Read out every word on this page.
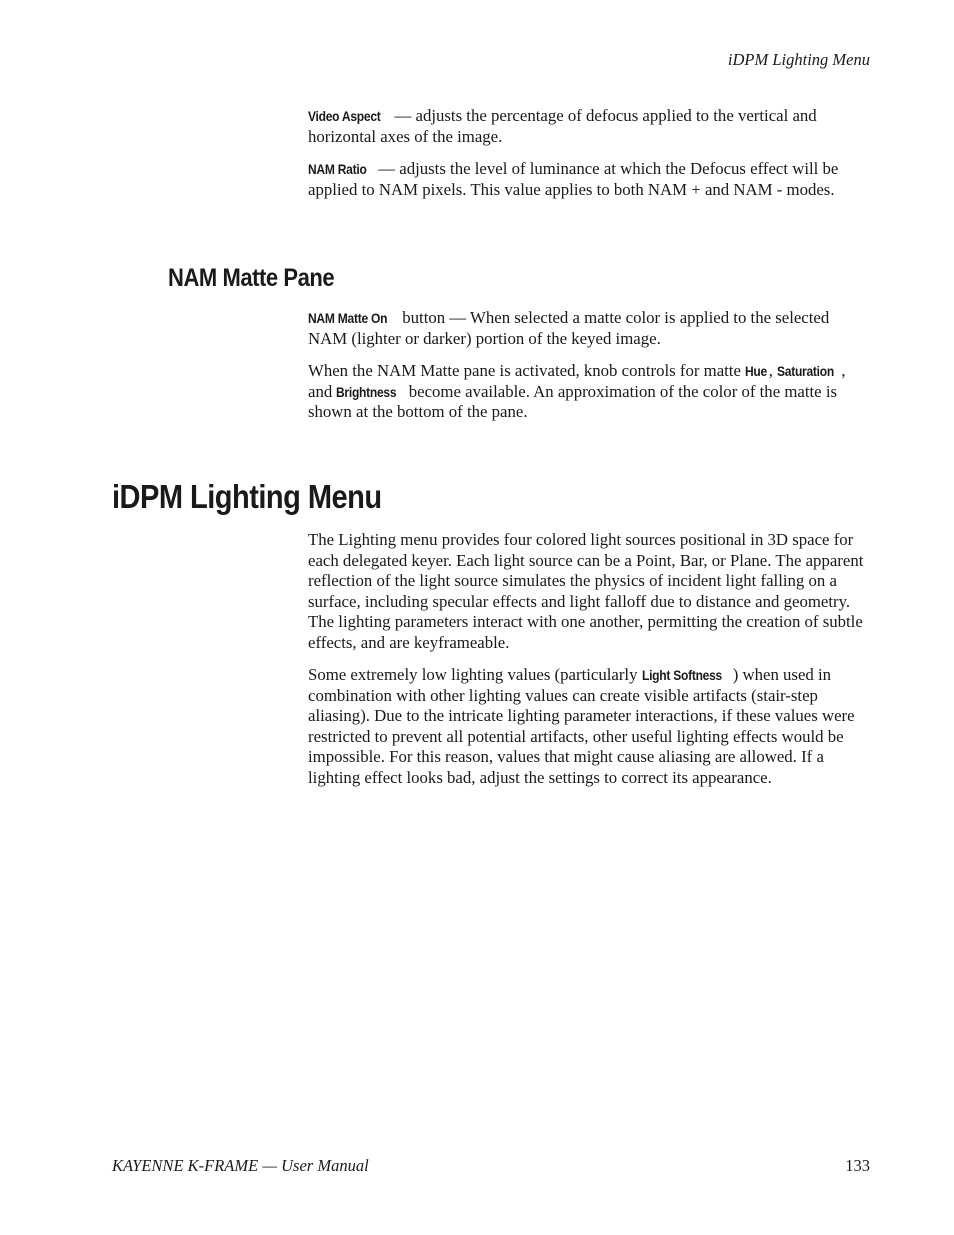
iDPM Lighting Menu

Video Aspect — adjusts the percentage of defocus applied to the vertical and horizontal axes of the image.

NAM Ratio — adjusts the level of luminance at which the Defocus effect will be applied to NAM pixels. This value applies to both NAM + and NAM - modes.

NAM Matte Pane

NAM Matte On button — When selected a matte color is applied to the selected NAM (lighter or darker) portion of the keyed image.

When the NAM Matte pane is activated, knob controls for matte Hue, Saturation , and Brightness become available. An approximation of the color of the matte is shown at the bottom of the pane.

iDPM Lighting Menu

The Lighting menu provides four colored light sources positional in 3D space for each delegated keyer. Each light source can be a Point, Bar, or Plane. The apparent reflection of the light source simulates the physics of incident light falling on a surface, including specular effects and light falloff due to distance and geometry. The lighting parameters interact with one another, permitting the creation of subtle effects, and are keyframeable.

Some extremely low lighting values (particularly Light Softness ) when used in combination with other lighting values can create visible artifacts (stair-step aliasing). Due to the intricate lighting parameter interactions, if these values were restricted to prevent all potential artifacts, other useful lighting effects would be impossible. For this reason, values that might cause aliasing are allowed. If a lighting effect looks bad, adjust the settings to correct its appearance.

KAYENNE K-FRAME — User Manual	133
